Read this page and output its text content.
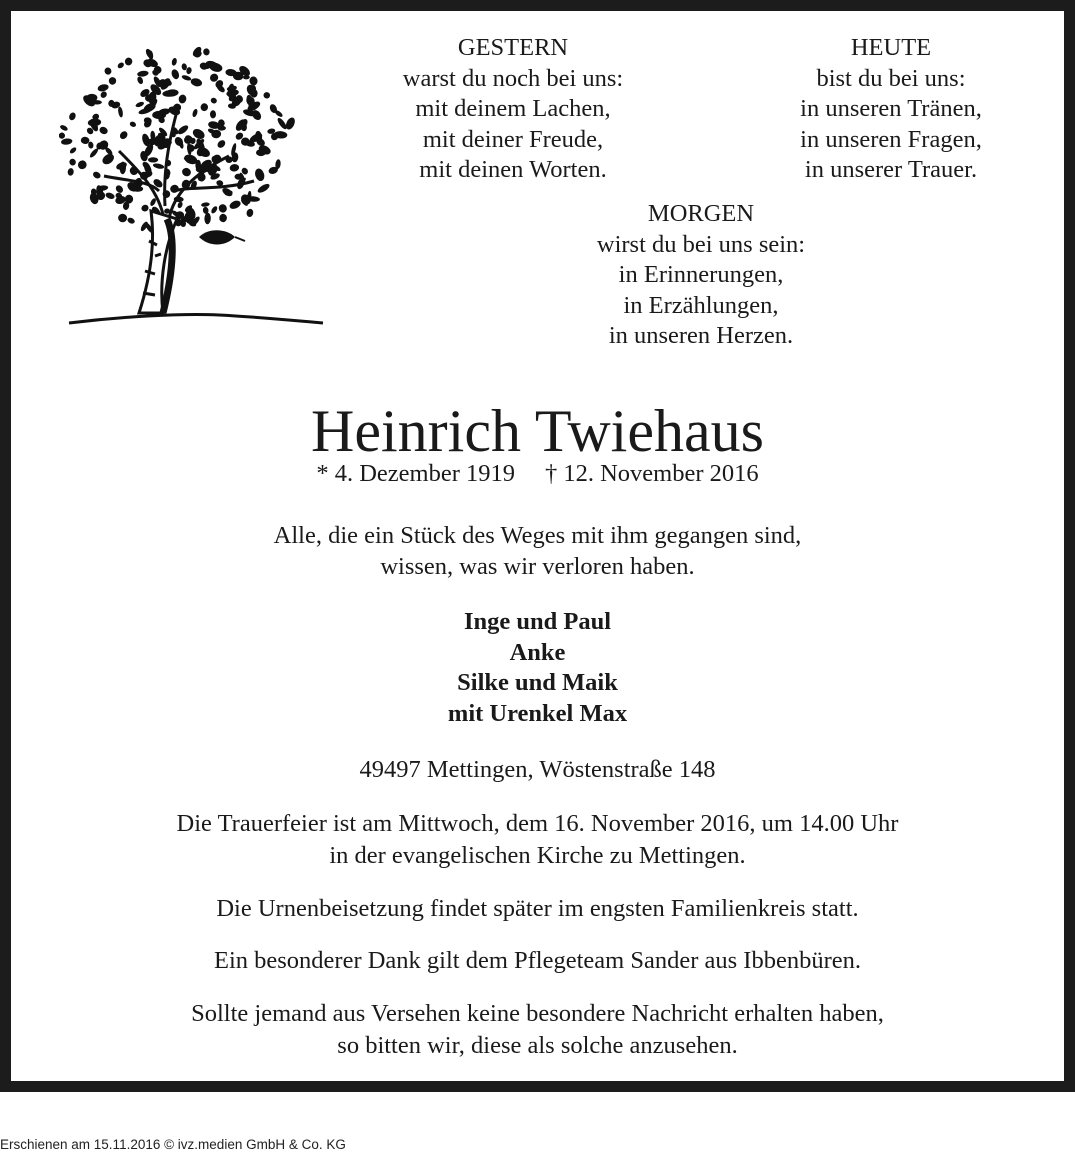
GESTERN
warst du noch bei uns:
mit deinem Lachen,
mit deiner Freude,
mit deinen Worten.
HEUTE
bist du bei uns:
in unseren Tränen,
in unseren Fragen,
in unserer Trauer.
MORGEN
wirst du bei uns sein:
in Erinnerungen,
in Erzählungen,
in unseren Herzen.
Heinrich Twiehaus
* 4. Dezember 1919 † 12. November 2016
Alle, die ein Stück des Weges mit ihm gegangen sind,
wissen, was wir verloren haben.
Inge und Paul
Anke
Silke und Maik
mit Urenkel Max
49497 Mettingen, Wöstenstraße 148
Die Trauerfeier ist am Mittwoch, dem 16. November 2016, um 14.00 Uhr
in der evangelischen Kirche zu Mettingen.
Die Urnenbeisetzung findet später im engsten Familienkreis statt.
Ein besonderer Dank gilt dem Pflegeteam Sander aus Ibbenbüren.
Sollte jemand aus Versehen keine besondere Nachricht erhalten haben,
so bitten wir, diese als solche anzusehen.
Erschienen am 15.11.2016 © ivz.medien GmbH & Co. KG
